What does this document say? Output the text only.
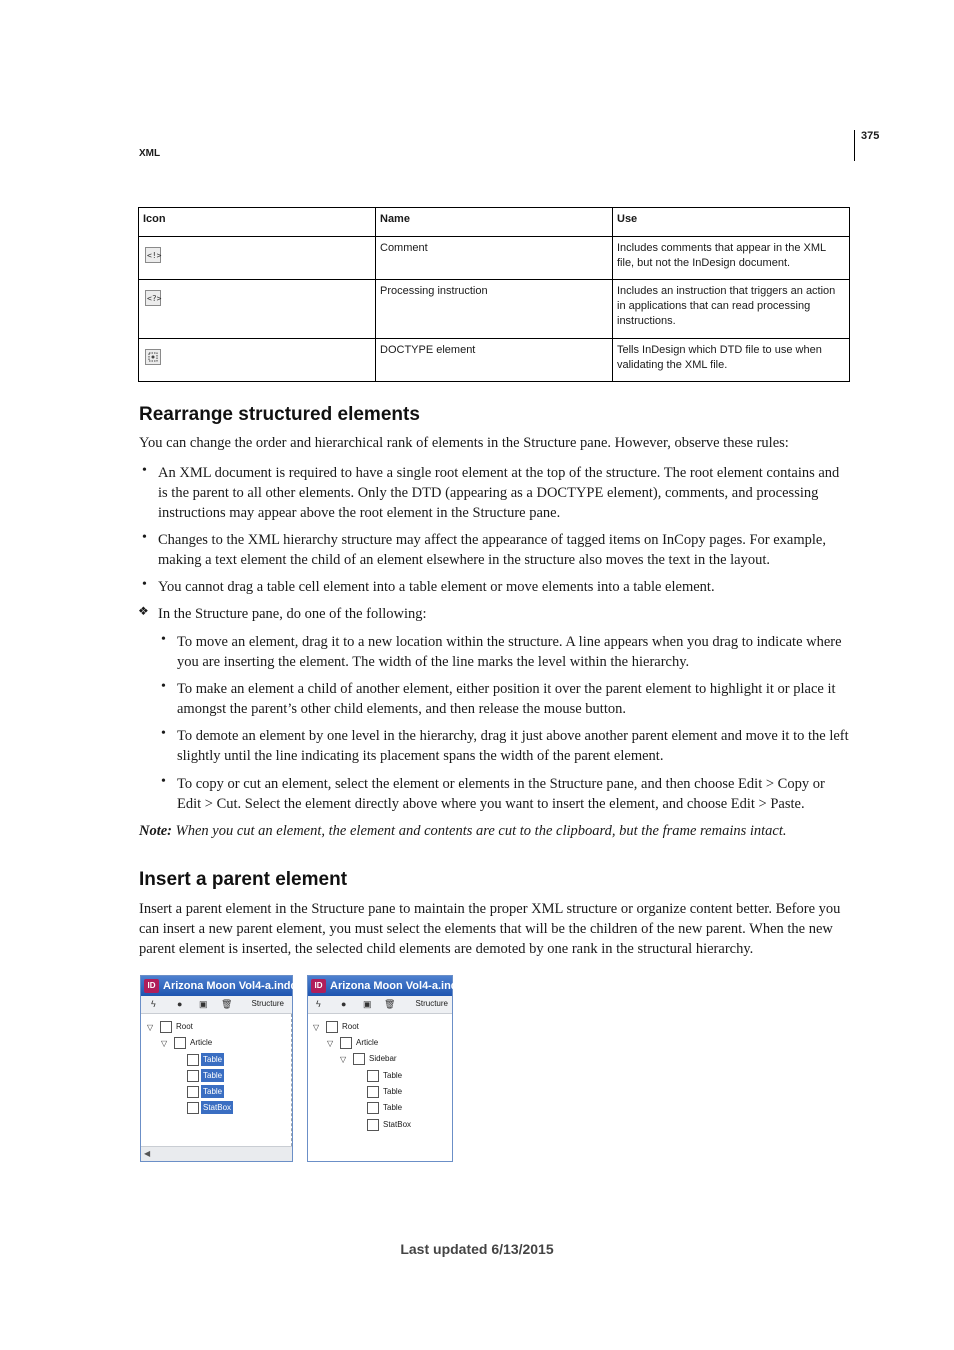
XML
375
Icon	Name	Use

<!>	Comment	Includes comments that appear in the XML file, but not the InDesign document.

<?>	Processing instruction	Includes an instruction that triggers an action in applications that can read processing instructions.

	DOCTYPE element	Tells InDesign which DTD file to use when validating the XML file.
Rearrange structured elements
You can change the order and hierarchical rank of elements in the Structure pane. However, observe these rules:
• An XML document is required to have a single root element at the top of the structure. The root element contains and is the parent to all other elements. Only the DTD (appearing as a DOCTYPE element), comments, and processing instructions may appear above the root element in the Structure pane.
• Changes to the XML hierarchy structure may affect the appearance of tagged items on InCopy pages. For example, making a text element the child of an element elsewhere in the structure also moves the text in the layout.
• You cannot drag a table cell element into a table element or move elements into a table element.
❖ In the Structure pane, do one of the following:
• To move an element, drag it to a new location within the structure. A line appears when you drag to indicate where you are inserting the element. The width of the line marks the level within the hierarchy.
• To make an element a child of another element, either position it over the parent element to highlight it or place it amongst the parent’s other child elements, and then release the mouse button.
• To demote an element by one level in the hierarchy, drag it just above another parent element and move it to the left slightly until the line indicating its placement spans the width of the parent element.
• To copy or cut an element, select the element or elements in the Structure pane, and then choose Edit > Copy or Edit > Cut. Select the element directly above where you want to insert the element, and choose Edit > Paste.
Note: When you cut an element, the element and contents are cut to the clipboard, but the frame remains intact.
Insert a parent element
Insert a parent element in the Structure pane to maintain the proper XML structure or organize content better. Before you can insert a new parent element, you must select the elements that will be the children of the new parent. When the new parent element is inserted, the selected child elements are demoted by one rank in the structural hierarchy.
ID Arizona Moon Vol4-a.indd
ϟ	●	▣ 🗑 Structure
▽	Root
▽	Article
Table
Table
Table
StatBox
◀
ID Arizona Moon Vol4-a.indd
ϟ	●	▣ 🗑	Structure
▽	Root
▽	Article
▽	Sidebar
Table
Table
Table
StatBox
Last updated 6/13/2015
